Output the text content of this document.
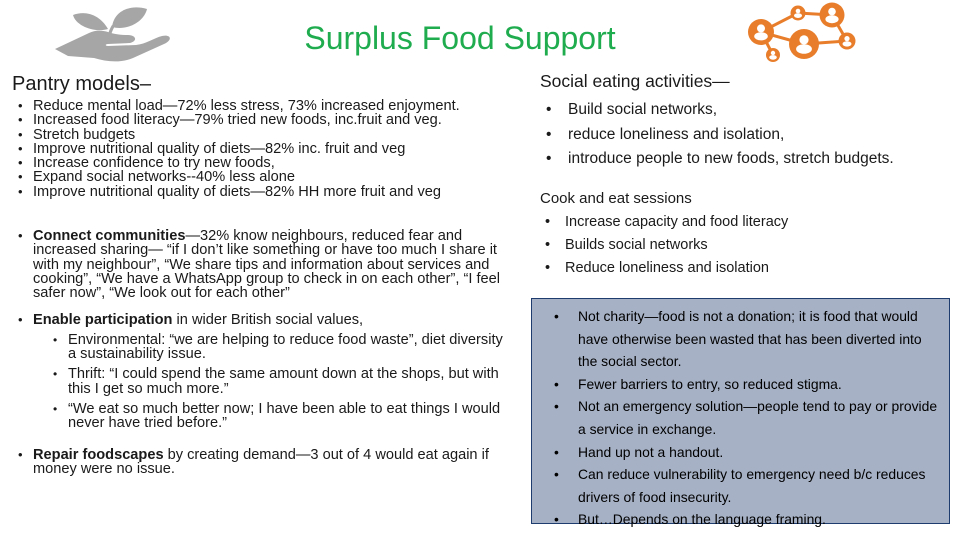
Surplus Food Support
Pantry models–
• Reduce mental load—72% less stress, 73% increased enjoyment.
• Increased food literacy—79% tried new foods, inc.fruit and veg.
• Stretch budgets
• Improve nutritional quality of diets—82% inc. fruit and veg
• Increase confidence to try new foods,
• Expand social networks--40% less alone
• Improve nutritional quality of diets—82% HH more fruit and veg
• Connect communities—32% know neighbours, reduced fear and increased sharing— “if I don’t like something or have too much I share it with my neighbour”, “We share tips and information about services and cooking”, “We have a WhatsApp group to check in on each other”, “I feel safer now”, “We look out for each other”
• Enable participation in wider British social values,
• Environmental: “we are helping to reduce food waste”, diet diversity a sustainability issue.
• Thrift: “I could spend the same amount down at the shops, but with this I get so much more.”
• “We eat so much better now; I have been able to eat things I would never have tried before.”
• Repair foodscapes by creating demand—3 out of 4 would eat again if money were no issue.
Social eating activities—
• Build social networks,
• reduce loneliness and isolation,
• introduce people to new foods, stretch budgets.
Cook and eat sessions
• Increase capacity and food literacy
• Builds social networks
• Reduce loneliness and isolation
• Not charity—food is not a donation; it is food that would have otherwise been wasted that has been diverted into the social sector.
• Fewer barriers to entry, so reduced stigma.
• Not an emergency solution—people tend to pay or provide a service in exchange.
• Hand up not a handout.
• Can reduce vulnerability to emergency need b/c reduces drivers of food insecurity.
• But…Depends on the language framing.
